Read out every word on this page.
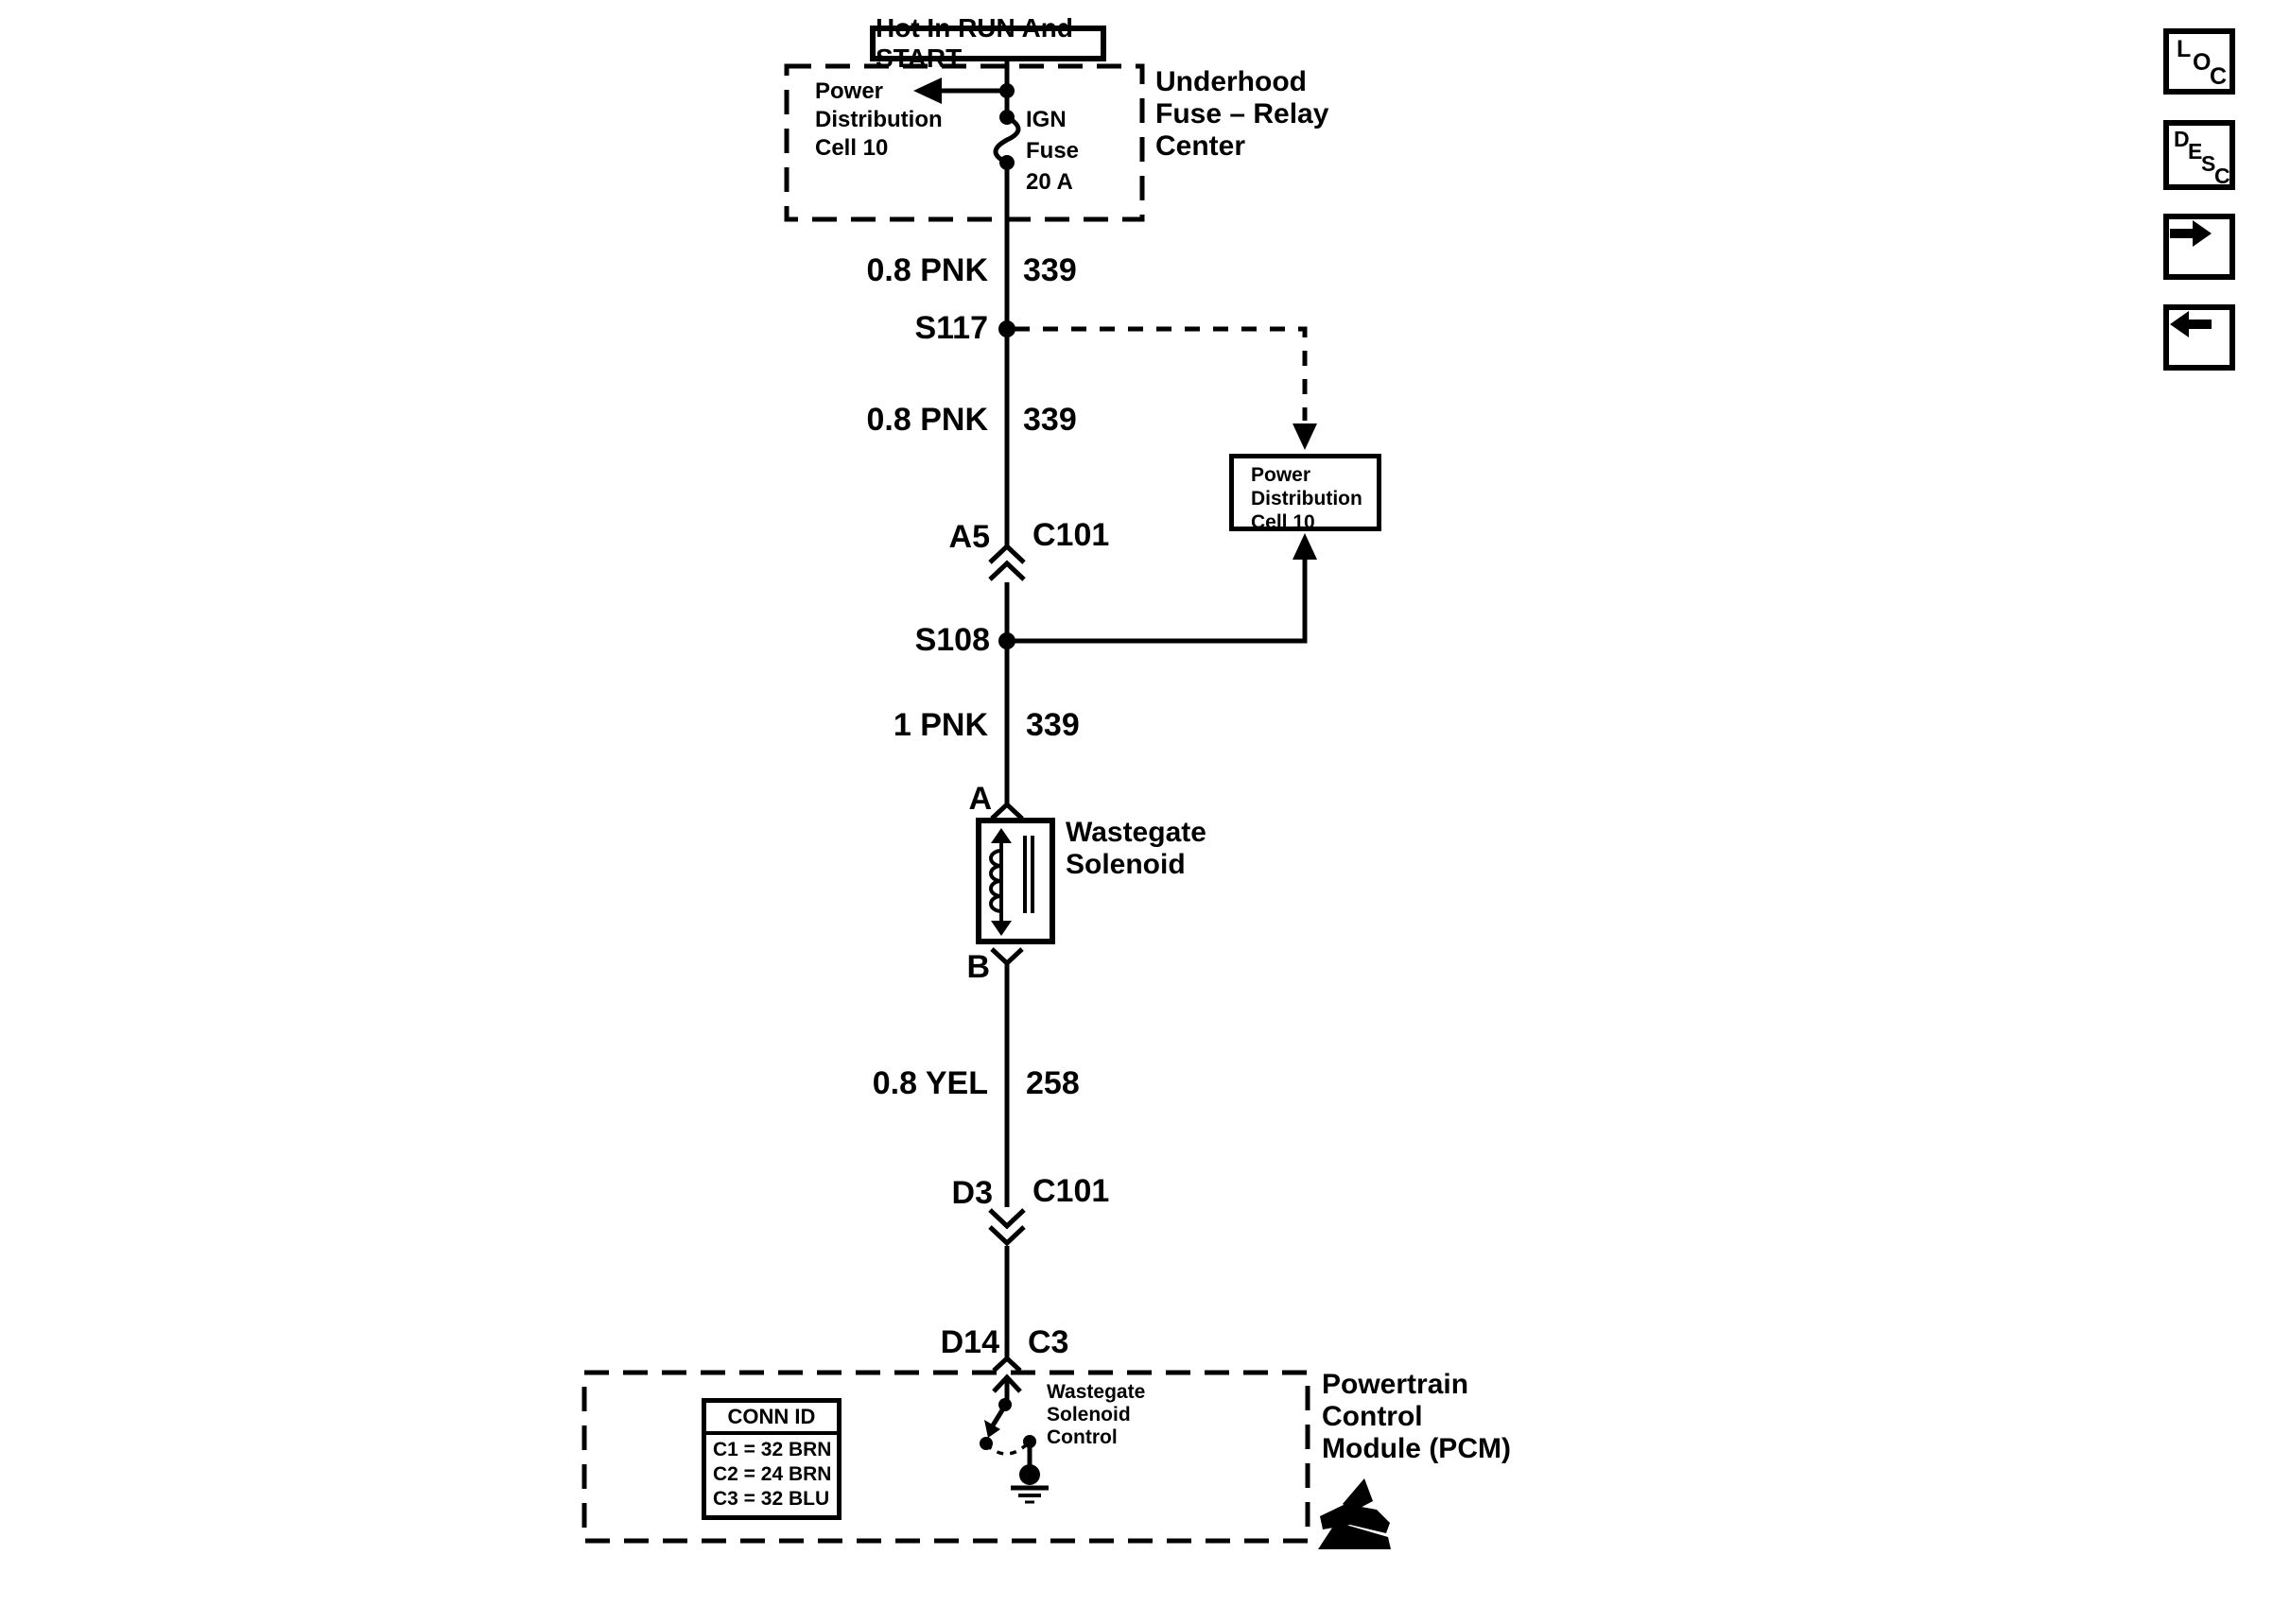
Hot In RUN And START
Power
Distribution
Cell 10
CONN ID
C1 = 32 BRN
C2 = 24 BRN
C3 = 32 BLU
Power
Distribution
Cell 10
IGN
Fuse
20 A
Underhood
Fuse – Relay
Center
Wastegate
Solenoid
Powertrain
Control
Module (PCM)
Wastegate
Solenoid
Control
0.8 PNK 339
S117
0.8 PNK 339
A5 C101
S108
1 PNK 339
A
B
0.8 YEL 258
D3 C101
D14 C3
L O
C
D
E
S
C
